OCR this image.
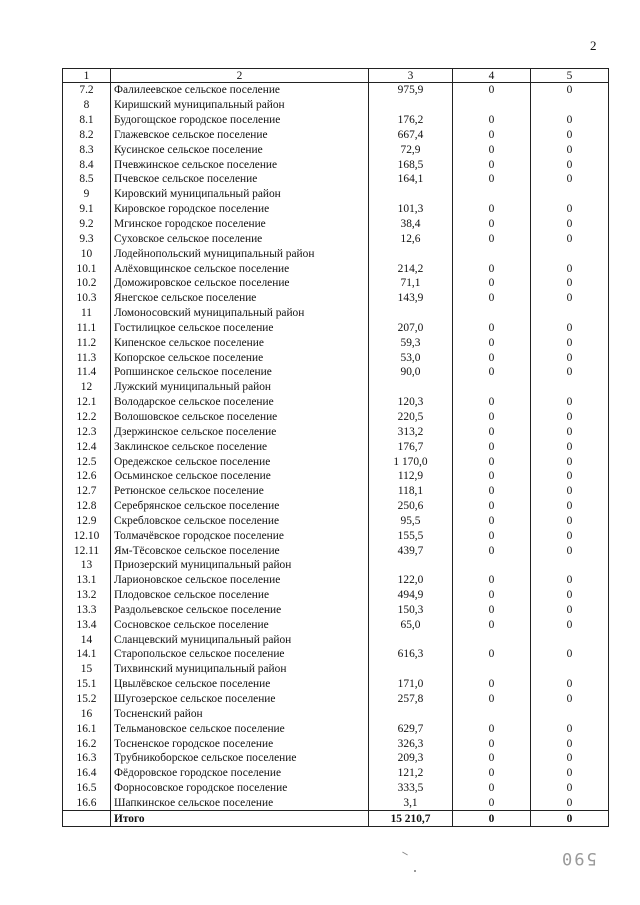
2
1	2	3	4	5
7.2	Фалилеевское сельское поселение	975,9	0	0
8	Киришский муниципальный район			
8.1	Будогощское городское поселение	176,2	0	0
8.2	Глажевское сельское поселение	667,4	0	0
8.3	Кусинское сельское поселение	72,9	0	0
8.4	Пчевжинское сельское поселение	168,5	0	0
8.5	Пчевское сельское поселение	164,1	0	0
9	Кировский муниципальный район			
9.1	Кировское городское поселение	101,3	0	0
9.2	Мгинское городское поселение	38,4	0	0
9.3	Суховское сельское поселение	12,6	0	0
10	Лодейнопольский муниципальный район			
10.1	Алёховщинское сельское поселение	214,2	0	0
10.2	Доможировское сельское поселение	71,1	0	0
10.3	Янегское сельское поселение	143,9	0	0
11	Ломоносовский муниципальный район			
11.1	Гостилицкое сельское поселение	207,0	0	0
11.2	Кипенское сельское поселение	59,3	0	0
11.3	Копорское сельское поселение	53,0	0	0
11.4	Ропшинское сельское поселение	90,0	0	0
12	Лужский муниципальный район			
12.1	Володарское сельское поселение	120,3	0	0
12.2	Волошовское сельское поселение	220,5	0	0
12.3	Дзержинское сельское поселение	313,2	0	0
12.4	Заклинское сельское поселение	176,7	0	0
12.5	Оредежское сельское поселение	1 170,0	0	0
12.6	Осьминское сельское поселение	112,9	0	0
12.7	Ретюнское сельское поселение	118,1	0	0
12.8	Серебрянское сельское поселение	250,6	0	0
12.9	Скребловское сельское поселение	95,5	0	0
12.10	Толмачёвское городское поселение	155,5	0	0
12.11	Ям-Тёсовское сельское поселение	439,7	0	0
13	Приозерский муниципальный район			
13.1	Ларионовское сельское поселение	122,0	0	0
13.2	Плодовское сельское поселение	494,9	0	0
13.3	Раздольевское сельское поселение	150,3	0	0
13.4	Сосновское сельское поселение	65,0	0	0
14	Сланцевский муниципальный район			
14.1	Старопольское сельское поселение	616,3	0	0
15	Тихвинский муниципальный район			
15.1	Цвылёвское сельское поселение	171,0	0	0
15.2	Шугозерское сельское поселение	257,8	0	0
16	Тосненский район			
16.1	Тельмановское сельское поселение	629,7	0	0
16.2	Тосненское городское поселение	326,3	0	0
16.3	Трубникоборское сельское поселение	209,3	0	0
16.4	Фёдоровское городское поселение	121,2	0	0
16.5	Форносовское городское поселение	333,5	0	0
16.6	Шапкинское сельское поселение	3,1	0	0
	Итого	15 210,7	0	0
590
